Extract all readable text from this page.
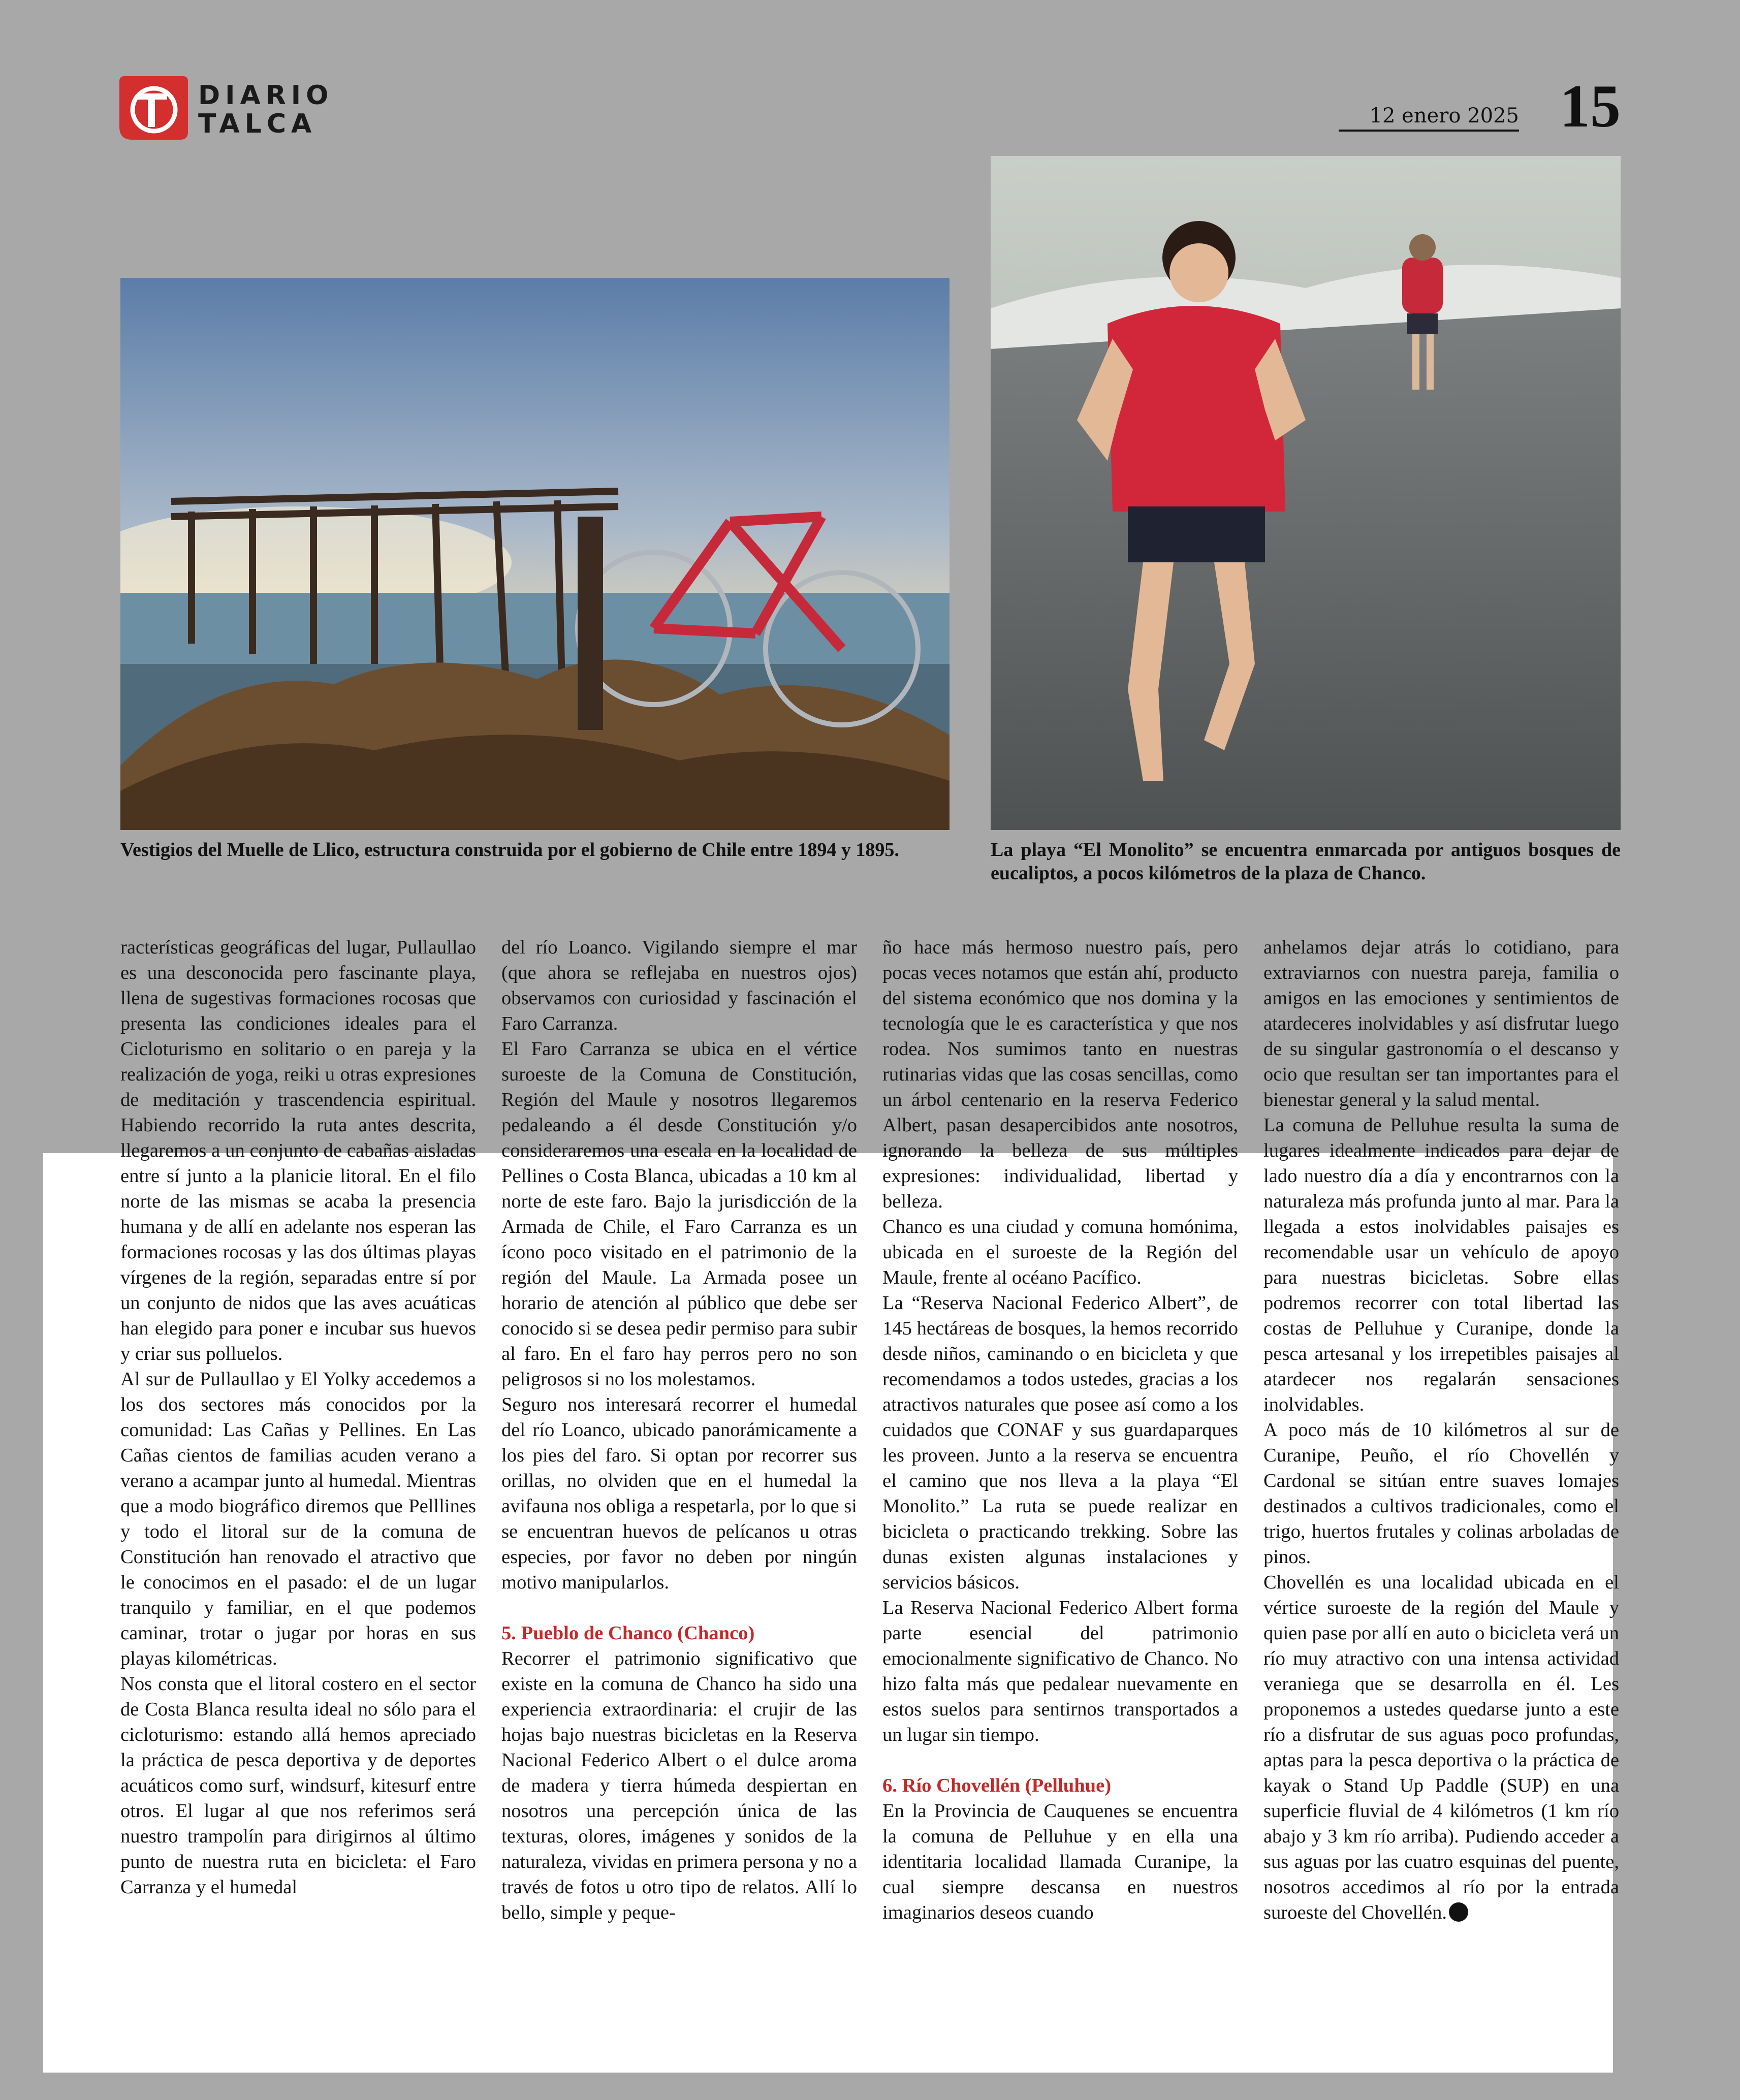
DIARIO
TALCA	12 enero 2025 15
Vestigios del Muelle de Llico, estructura construida por el gobierno de Chile entre 1894 y 1895.	La playa “El Monolito” se encuentra enmarcada por antiguos bosques de eucaliptos, a pocos kilómetros de la plaza de Chanco.

racterísticas geográficas del lugar, Pullaullao es una desconocida pero fascinante playa, llena de sugestivas formaciones rocosas que presenta las condiciones ideales para el Cicloturismo en solitario o en pareja y la realización de yoga, reiki u otras expresiones de meditación y trascendencia espiritual. Habiendo recorrido la ruta antes descrita, llegaremos a un conjunto de cabañas aisladas entre sí junto a la planicie litoral. En el filo norte de las mismas se acaba la presencia humana y de allí en adelante nos esperan las formaciones rocosas y las dos últimas playas vírgenes de la región, separadas entre sí por un conjunto de nidos que las aves acuáticas han elegido para poner e incubar sus huevos y criar sus polluelos.

Al sur de Pullaullao y El Yolky accedemos a los dos sectores más conocidos por la comunidad: Las Cañas y Pellines. En Las Cañas cientos de familias acuden verano a verano a acampar junto al humedal. Mientras que a modo biográfico diremos que Pelllines y todo el litoral sur de la comuna de Constitución han renovado el atractivo que le conocimos en el pasado: el de un lugar tranquilo y familiar, en el que podemos caminar, trotar o jugar por horas en sus playas kilométricas.

Nos consta que el litoral costero en el sector de Costa Blanca resulta ideal no sólo para el cicloturismo: estando allá hemos apreciado la práctica de pesca deportiva y de deportes acuáticos como surf, windsurf, kitesurf entre otros. El lugar al que nos referimos será nuestro trampolín para dirigirnos al último punto de nuestra ruta en bicicleta: el Faro Carranza y el humedal

del río Loanco. Vigilando siempre el mar (que ahora se reflejaba en nuestros ojos) observamos con curiosidad y fascinación el Faro Carranza.

El Faro Carranza se ubica en el vértice suroeste de la Comuna de Constitución, Región del Maule y nosotros llegaremos pedaleando a él desde Constitución y/o consideraremos una escala en la localidad de Pellines o Costa Blanca, ubicadas a 10 km al norte de este faro. Bajo la jurisdicción de la Armada de Chile, el Faro Carranza es un ícono poco visitado en el patrimonio de la región del Maule. La Armada posee un horario de atención al público que debe ser conocido si se desea pedir permiso para subir al faro. En el faro hay perros pero no son peligrosos si no los molestamos.

Seguro nos interesará recorrer el humedal del río Loanco, ubicado panorámicamente a los pies del faro. Si optan por recorrer sus orillas, no olviden que en el humedal la avifauna nos obliga a respetarla, por lo que si se encuentran huevos de pelícanos u otras especies, por favor no deben por ningún motivo manipularlos.

5. Pueblo de Chanco (Chanco)

Recorrer el patrimonio significativo que existe en la comuna de Chanco ha sido una experiencia extraordinaria: el crujir de las hojas bajo nuestras bicicletas en la Reserva Nacional Federico Albert o el dulce aroma de madera y tierra húmeda despiertan en nosotros una percepción única de las texturas, olores, imágenes y sonidos de la naturaleza, vividas en primera persona y no a través de fotos u otro tipo de relatos. Allí lo bello, simple y peque-

ño hace más hermoso nuestro país, pero pocas veces notamos que están ahí, producto del sistema económico que nos domina y la tecnología que le es característica y que nos rodea. Nos sumimos tanto en nuestras rutinarias vidas que las cosas sencillas, como un árbol centenario en la reserva Federico Albert, pasan desapercibidos ante nosotros, ignorando la belleza de sus múltiples expresiones: individualidad, libertad y belleza.

Chanco es una ciudad y comuna homónima, ubicada en el suroeste de la Región del Maule, frente al océano Pacífico.

La “Reserva Nacional Federico Albert”, de 145 hectáreas de bosques, la hemos recorrido desde niños, caminando o en bicicleta y que recomendamos a todos ustedes, gracias a los atractivos naturales que posee así como a los cuidados que CONAF y sus guardaparques les proveen. Junto a la reserva se encuentra el camino que nos lleva a la playa “El Monolito.” La ruta se puede realizar en bicicleta o practicando trekking. Sobre las dunas existen algunas instalaciones y servicios básicos.

La Reserva Nacional Federico Albert forma parte esencial del patrimonio emocionalmente significativo de Chanco. No hizo falta más que pedalear nuevamente en estos suelos para sentirnos transportados a un lugar sin tiempo.

6. Río Chovellén (Pelluhue)

En la Provincia de Cauquenes se encuentra la comuna de Pelluhue y en ella una identitaria localidad llamada Curanipe, la cual siempre descansa en nuestros imaginarios deseos cuando

anhelamos dejar atrás lo cotidiano, para extraviarnos con nuestra pareja, familia o amigos en las emociones y sentimientos de atardeceres inolvidables y así disfrutar luego de su singular gastronomía o el descanso y ocio que resultan ser tan importantes para el bienestar general y la salud mental.

La comuna de Pelluhue resulta la suma de lugares idealmente indicados para dejar de lado nuestro día a día y encontrarnos con la naturaleza más profunda junto al mar. Para la llegada a estos inolvidables paisajes es recomendable usar un vehículo de apoyo para nuestras bicicletas. Sobre ellas podremos recorrer con total libertad las costas de Pelluhue y Curanipe, donde la pesca artesanal y los irrepetibles paisajes al atardecer nos regalarán sensaciones inolvidables.

A poco más de 10 kilómetros al sur de Curanipe, Peuño, el río Chovellén y Cardonal se sitúan entre suaves lomajes destinados a cultivos tradicionales, como el trigo, huertos frutales y colinas arboladas de pinos.

Chovellén es una localidad ubicada en el vértice suroeste de la región del Maule y quien pase por allí en auto o bicicleta verá un río muy atractivo con una intensa actividad veraniega que se desarrolla en él. Les proponemos a ustedes quedarse junto a este río a disfrutar de sus aguas poco profundas, aptas para la pesca deportiva o la práctica de kayak o Stand Up Paddle (SUP) en una superficie fluvial de 4 kilómetros (1 km río abajo y 3 km río arriba). Pudiendo acceder a sus aguas por las cuatro esquinas del puente, nosotros accedimos al río por la entrada suroeste del Chovellén.
